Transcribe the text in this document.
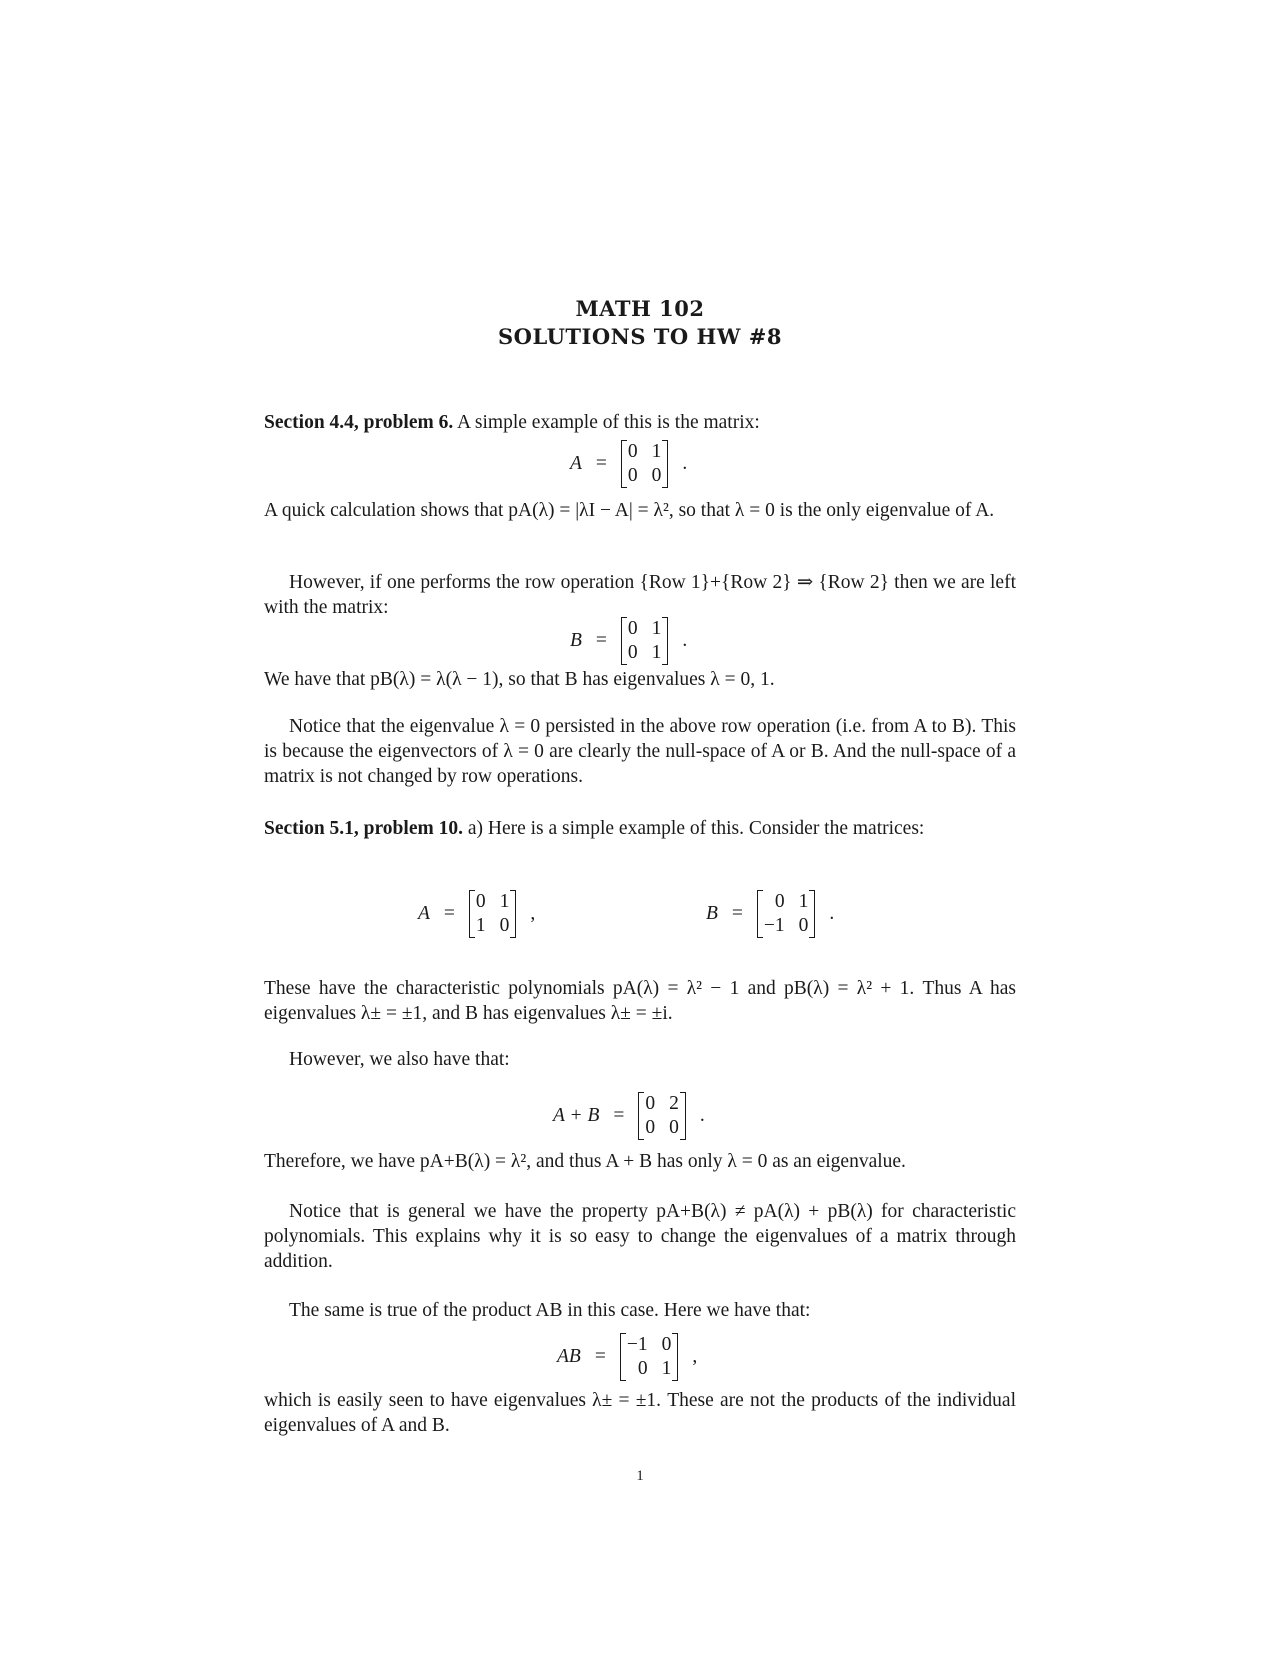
MATH 102
SOLUTIONS TO HW #8
Section 4.4, problem 6. A simple example of this is the matrix:
A =
0 1
0 0
.
A quick calculation shows that pA(λ) = |λI − A| = λ², so that λ = 0 is the only eigenvalue of A.
However, if one performs the row operation {Row 1}+{Row 2} ⇒ {Row 2} then we are left with the matrix:
B =
0 1
0 1
.
We have that pB(λ) = λ(λ − 1), so that B has eigenvalues λ = 0, 1.
Notice that the eigenvalue λ = 0 persisted in the above row operation (i.e. from A to B). This is because the eigenvectors of λ = 0 are clearly the null-space of A or B. And the null-space of a matrix is not changed by row operations.
Section 5.1, problem 10. a) Here is a simple example of this. Consider the matrices:
A =
0 1
1 0
,	B =
0 1
−1 0
.
These have the characteristic polynomials pA(λ) = λ² − 1 and pB(λ) = λ² + 1. Thus A has eigenvalues λ± = ±1, and B has eigenvalues λ± = ±i.
However, we also have that:
A + B =
0 2
0 0
.
Therefore, we have pA+B(λ) = λ², and thus A + B has only λ = 0 as an eigenvalue.
Notice that is general we have the property pA+B(λ) ≠ pA(λ) + pB(λ) for characteristic polynomials. This explains why it is so easy to change the eigenvalues of a matrix through addition.
The same is true of the product AB in this case. Here we have that:
AB =
−1 0
0 1
,
which is easily seen to have eigenvalues λ± = ±1. These are not the products of the individual eigenvalues of A and B.
1
